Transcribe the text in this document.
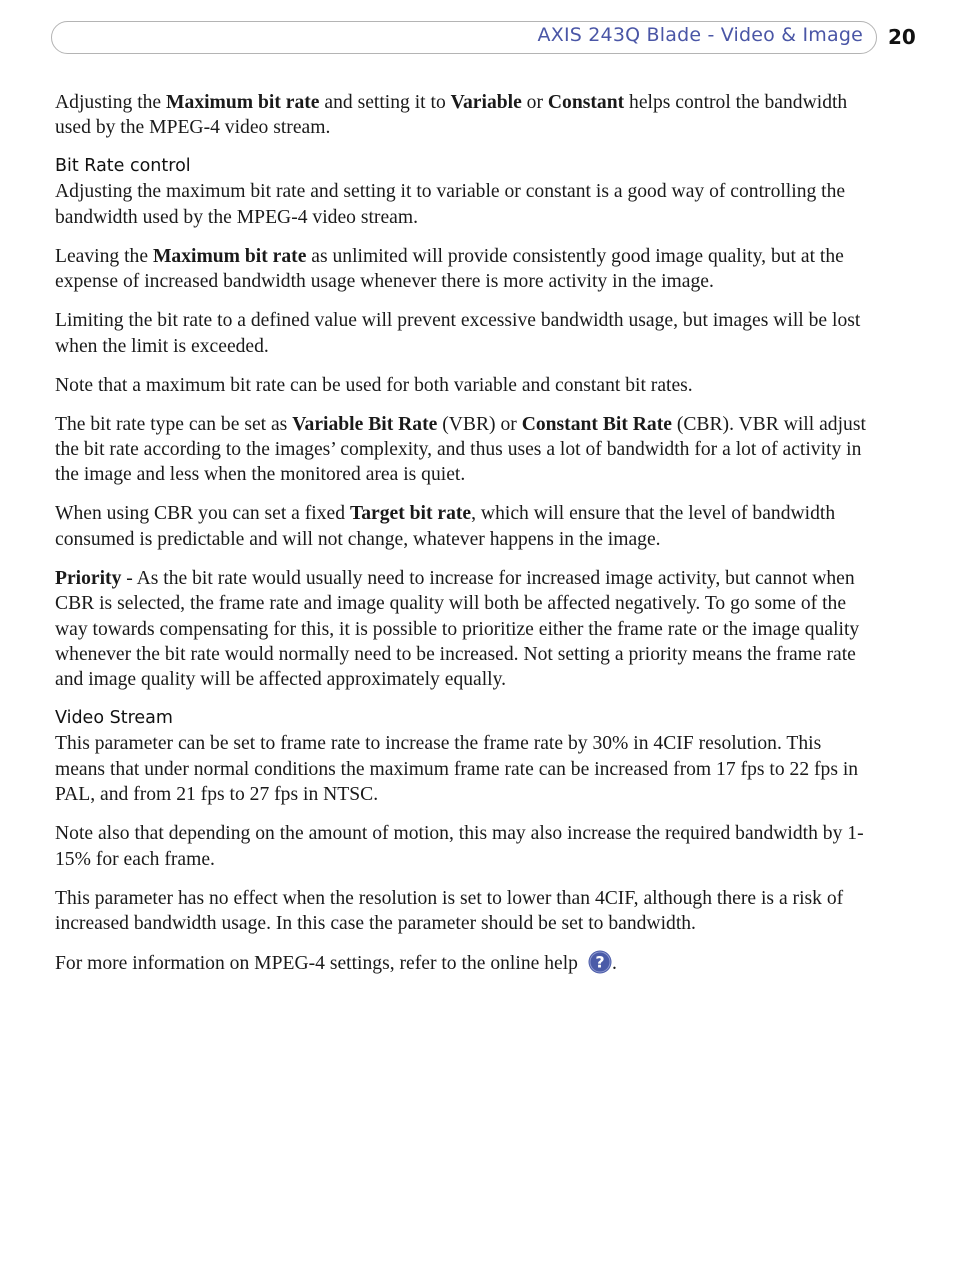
AXIS 243Q Blade - Video & Image 20

Adjusting the Maximum bit rate and setting it to Variable or Constant helps control the bandwidth used by the MPEG-4 video stream.

Bit Rate control

Adjusting the maximum bit rate and setting it to variable or constant is a good way of controlling the bandwidth used by the MPEG-4 video stream.

Leaving the Maximum bit rate as unlimited will provide consistently good image quality, but at the expense of increased bandwidth usage whenever there is more activity in the image.

Limiting the bit rate to a defined value will prevent excessive bandwidth usage, but images will be lost when the limit is exceeded.

Note that a maximum bit rate can be used for both variable and constant bit rates.

The bit rate type can be set as Variable Bit Rate (VBR) or Constant Bit Rate (CBR). VBR will adjust the bit rate according to the images’ complexity, and thus uses a lot of bandwidth for a lot of activity in the image and less when the monitored area is quiet.

When using CBR you can set a fixed Target bit rate, which will ensure that the level of bandwidth consumed is predictable and will not change, whatever happens in the image.

Priority - As the bit rate would usually need to increase for increased image activity, but cannot when CBR is selected, the frame rate and image quality will both be affected negatively. To go some of the way towards compensating for this, it is possible to prioritize either the frame rate or the image quality whenever the bit rate would normally need to be increased. Not setting a priority means the frame rate and image quality will be affected approximately equally.

Video Stream

This parameter can be set to frame rate to increase the frame rate by 30% in 4CIF resolution. This means that under normal conditions the maximum frame rate can be increased from 17 fps to 22 fps in PAL, and from 21 fps to 27 fps in NTSC.

Note also that depending on the amount of motion, this may also increase the required bandwidth by 1-15% for each frame.

This parameter has no effect when the resolution is set to lower than 4CIF, although there is a risk of increased bandwidth usage. In this case the parameter should be set to bandwidth.

For more information on MPEG-4 settings, refer to the online help ? .
